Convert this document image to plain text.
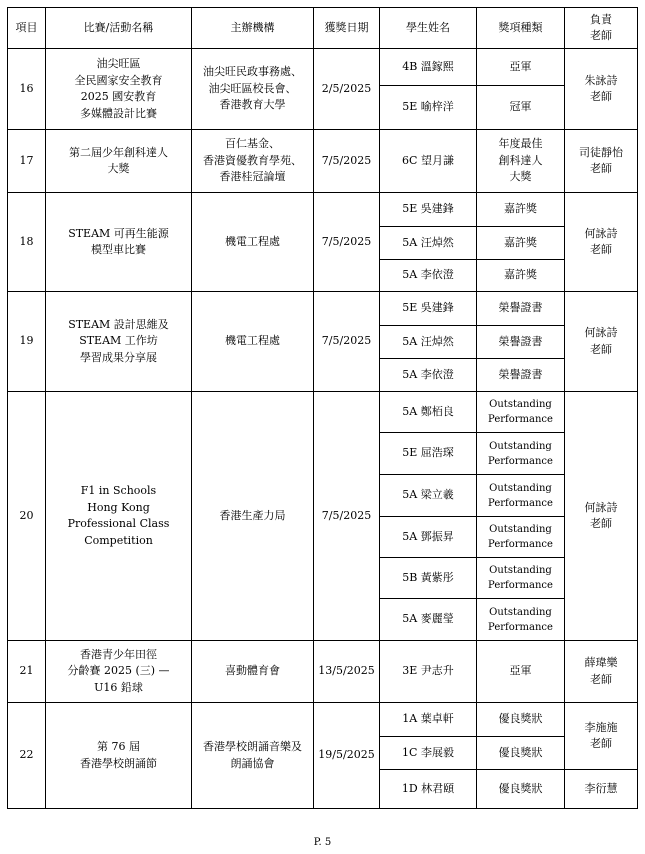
項目	比賽/活動名稱	主辦機構	獲獎日期	學生姓名	獎項種類	負責
老師
16	油尖旺區
全民國家安全教育
2025 國安教育
多媒體設計比賽	油尖旺民政事務處、
油尖旺區校長會、
香港教育大學	2/5/2025	4B 溫鎵熙	亞軍	朱詠詩
老師
				5E 喻梓洋	冠軍	
17	第二屆少年創科達人
大獎	百仁基金、
香港資優教育學苑、
香港桂冠論壇	7/5/2025	6C 望月謙	年度最佳
創科達人
大獎	司徒靜怡
老師
18	STEAM 可再生能源
模型車比賽	機電工程處	7/5/2025	5E 吳建鋒	嘉許獎	何詠詩
老師
				5A 汪焯然	嘉許獎	
				5A 李依澄	嘉許獎	
19	STEAM 設計思維及
STEAM 工作坊
學習成果分享展	機電工程處	7/5/2025	5E 吳建鋒	榮譽證書	何詠詩
老師
				5A 汪焯然	榮譽證書	
				5A 李依澄	榮譽證書	
20	F1 in Schools
Hong Kong
Professional Class
Competition	香港生產力局	7/5/2025	5A 鄭栢良	Outstanding
Performance	何詠詩
老師
				5E 屈浩琛	Outstanding
Performance	
				5A 梁立羲	Outstanding
Performance	
				5A 鄧振昇	Outstanding
Performance	
				5B 黃紫彤	Outstanding
Performance	
				5A 麥麗瑩	Outstanding
Performance	
21	香港青少年田徑
分齡賽 2025 (三) —
U16 鉛球	喜動體育會	13/5/2025	3E 尹志升	亞軍	薛瑋樂
老師
22	第 76 屆
香港學校朗誦節	香港學校朗誦音樂及
朗誦協會	19/5/2025	1A 葉卓軒	優良獎狀	李施施
老師
				1C 李展毅	優良獎狀	
				1D 林君頤	優良獎狀	李衍慧
P. 5
